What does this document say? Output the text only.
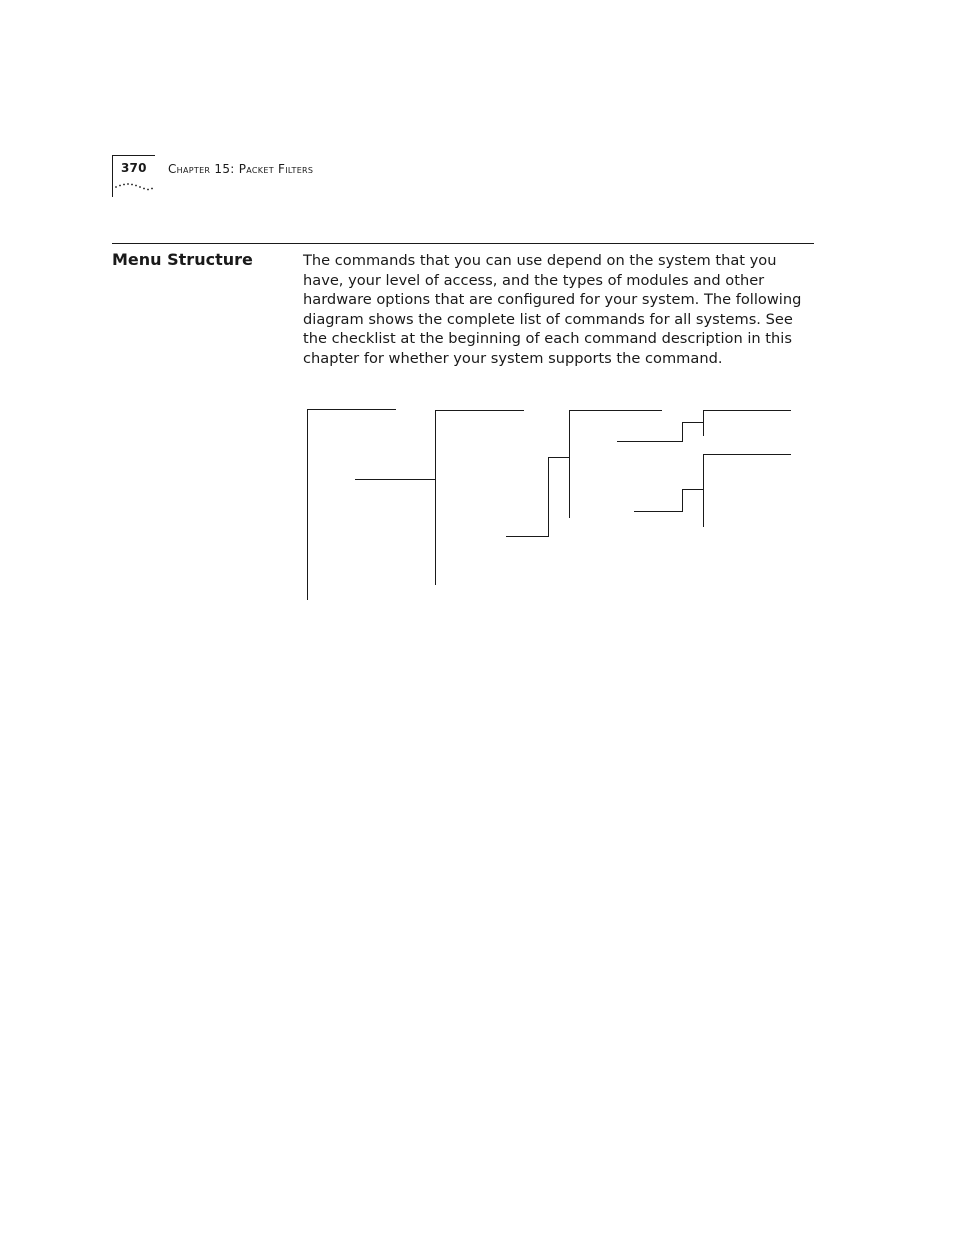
370 Chapter 15: Packet Filters
Menu Structure	The commands that you can use depend on the system that you have, your level of access, and the types of modules and other hardware options that are configured for your system. The following diagram shows the complete list of commands for all systems. See the checklist at the beginning of each command description in this chapter for whether your system supports the command.
